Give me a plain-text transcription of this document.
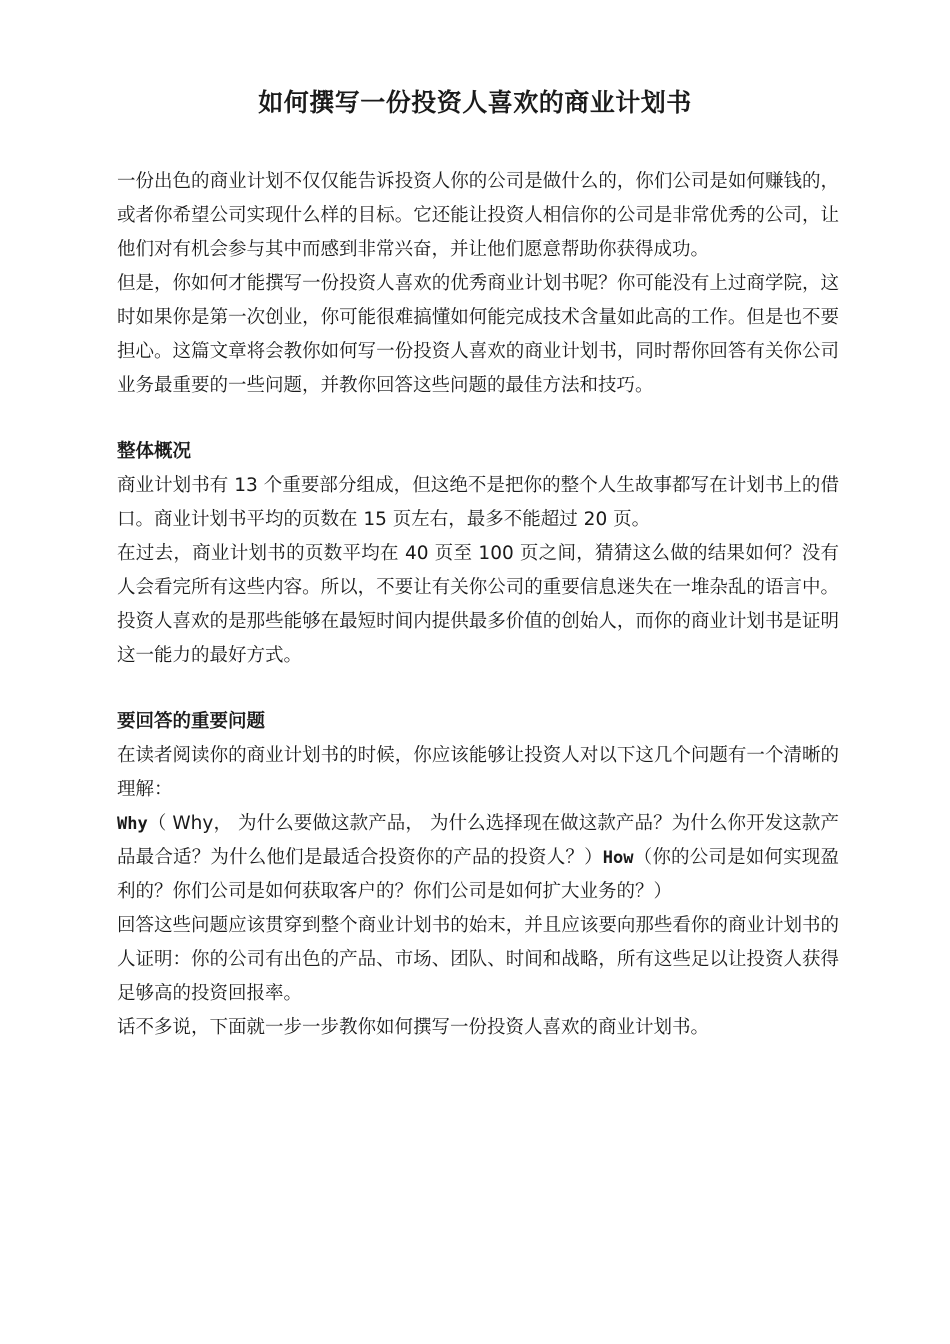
如何撰写一份投资人喜欢的商业计划书

一份出色的商业计划不仅仅能告诉投资人你的公司是做什么的，你们公司是如何赚钱的，或者你希望公司实现什么样的目标。它还能让投资人相信你的公司是非常优秀的公司，让他们对有机会参与其中而感到非常兴奋，并让他们愿意帮助你获得成功。

但是，你如何才能撰写一份投资人喜欢的优秀商业计划书呢？你可能没有上过商学院，这时如果你是第一次创业，你可能很难搞懂如何能完成技术含量如此高的工作。但是也不要担心。这篇文章将会教你如何写一份投资人喜欢的商业计划书，同时帮你回答有关你公司业务最重要的一些问题，并教你回答这些问题的最佳方法和技巧。

整体概况

商业计划书有 13 个重要部分组成，但这绝不是把你的整个人生故事都写在计划书上的借口。商业计划书平均的页数在 15 页左右，最多不能超过 20 页。

在过去，商业计划书的页数平均在 40 页至 100 页之间，猜猜这么做的结果如何？没有人会看完所有这些内容。所以，不要让有关你公司的重要信息迷失在一堆杂乱的语言中。投资人喜欢的是那些能够在最短时间内提供最多价值的创始人，而你的商业计划书是证明这一能力的最好方式。

要回答的重要问题

在读者阅读你的商业计划书的时候，你应该能够让投资人对以下这几个问题有一个清晰的理解：

Why（ Why， 为什么要做这款产品， 为什么选择现在做这款产品？为什么你开发这款产品最合适？为什么他们是最适合投资你的产品的投资人？）How（你的公司是如何实现盈利的？你们公司是如何获取客户的？你们公司是如何扩大业务的？）

回答这些问题应该贯穿到整个商业计划书的始末，并且应该要向那些看你的商业计划书的人证明：你的公司有出色的产品、市场、团队、时间和战略，所有这些足以让投资人获得足够高的投资回报率。

话不多说，下面就一步一步教你如何撰写一份投资人喜欢的商业计划书。
